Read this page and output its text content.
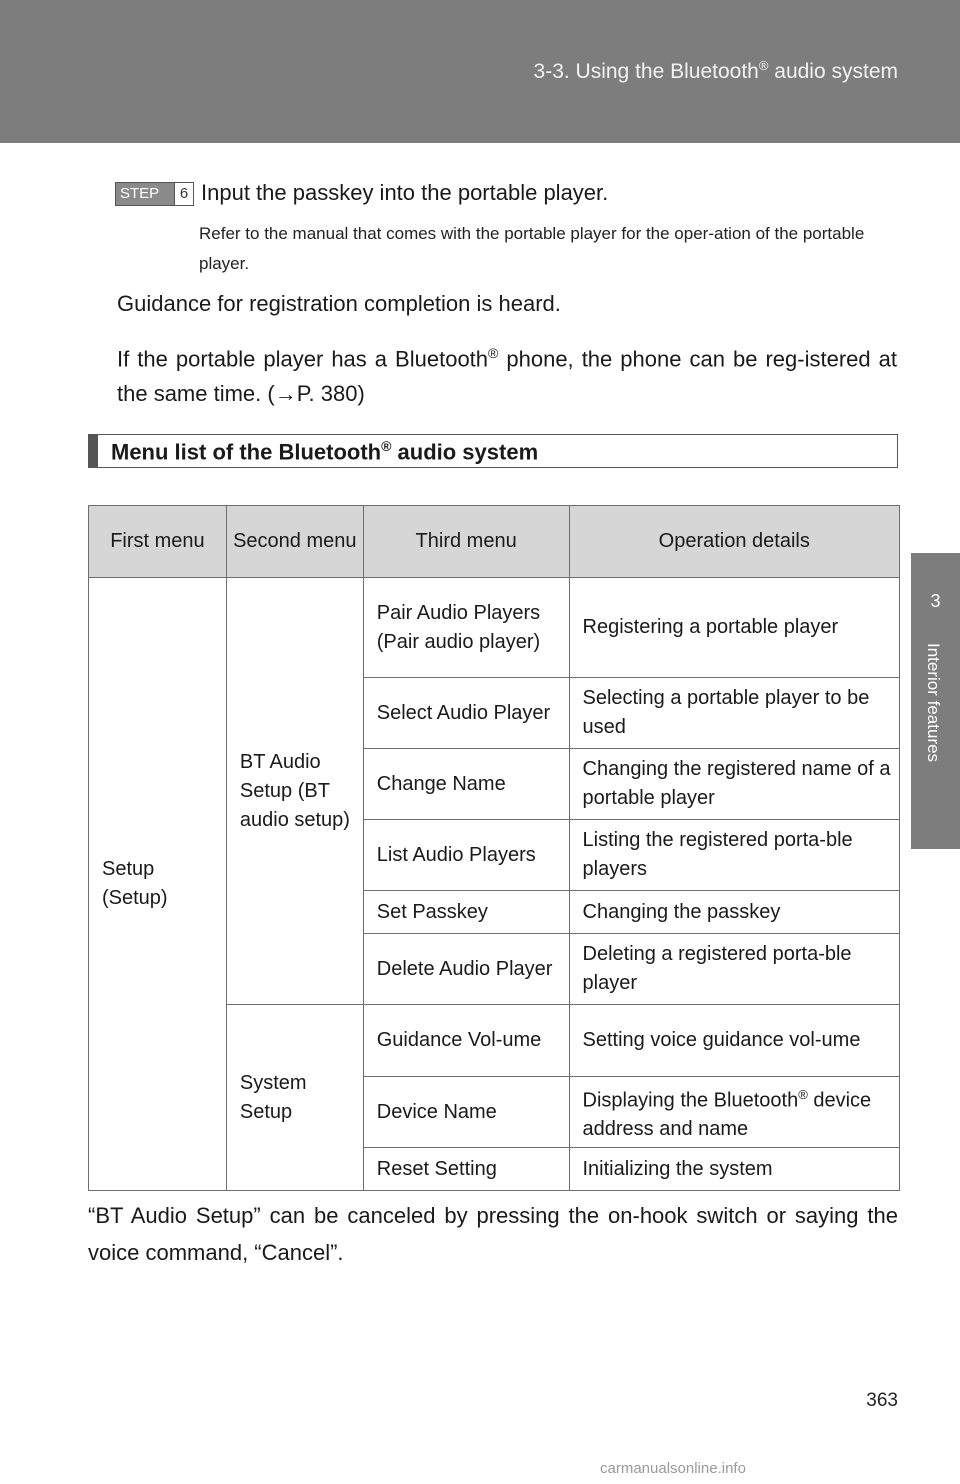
3-3. Using the Bluetooth® audio system
3
Interior features
STEP	6 Input the passkey into the portable player.
Refer to the manual that comes with the portable player for the oper-ation of the portable player.
Guidance for registration completion is heard.
If the portable player has a Bluetooth® phone, the phone can be reg-istered at the same time. (→P. 380)
Menu list of the Bluetooth® audio system
First menu	Second menu	Third menu	Operation details
Setup (Setup)	BT Audio Setup (BT audio setup)	Pair Audio Players (Pair audio player)	Registering a portable player
		Select Audio Player	Selecting a portable player to be used
		Change Name	Changing the registered name of a portable player
		List Audio Players	Listing the registered porta-ble players
		Set Passkey	Changing the passkey
		Delete Audio Player	Deleting a registered porta-ble player
	System Setup	Guidance Vol-ume	Setting voice guidance vol-ume
		Device Name	Displaying the Bluetooth® device address and name
		Reset Setting	Initializing the system
“BT Audio Setup” can be canceled by pressing the on-hook switch or saying the voice command, “Cancel”.
363
carmanualsonline.info
